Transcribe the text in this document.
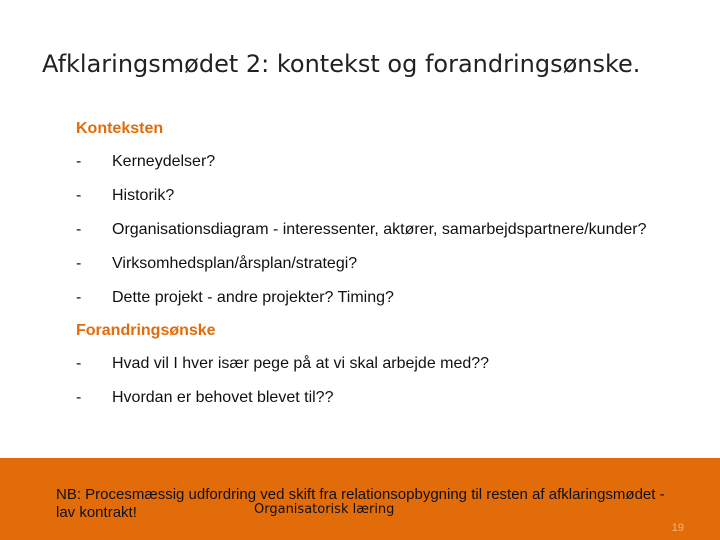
Afklaringsmødet 2: kontekst og forandringsønske.
Konteksten
-	Kerneydelser?
-	Historik?
-	Organisationsdiagram - interessenter, aktører, samarbejdspartnere/kunder?
-	Virksomhedsplan/årsplan/strategi?
-	Dette projekt - andre projekter? Timing?
Forandringsønske
-	Hvad vil I hver især pege på at vi skal arbejde med??
-	Hvordan er behovet blevet til??
NB: Procesmæssig udfordring ved skift fra relationsopbygning til resten af afklaringsmødet - lav kontrakt!	Organisatorisk læring
19
